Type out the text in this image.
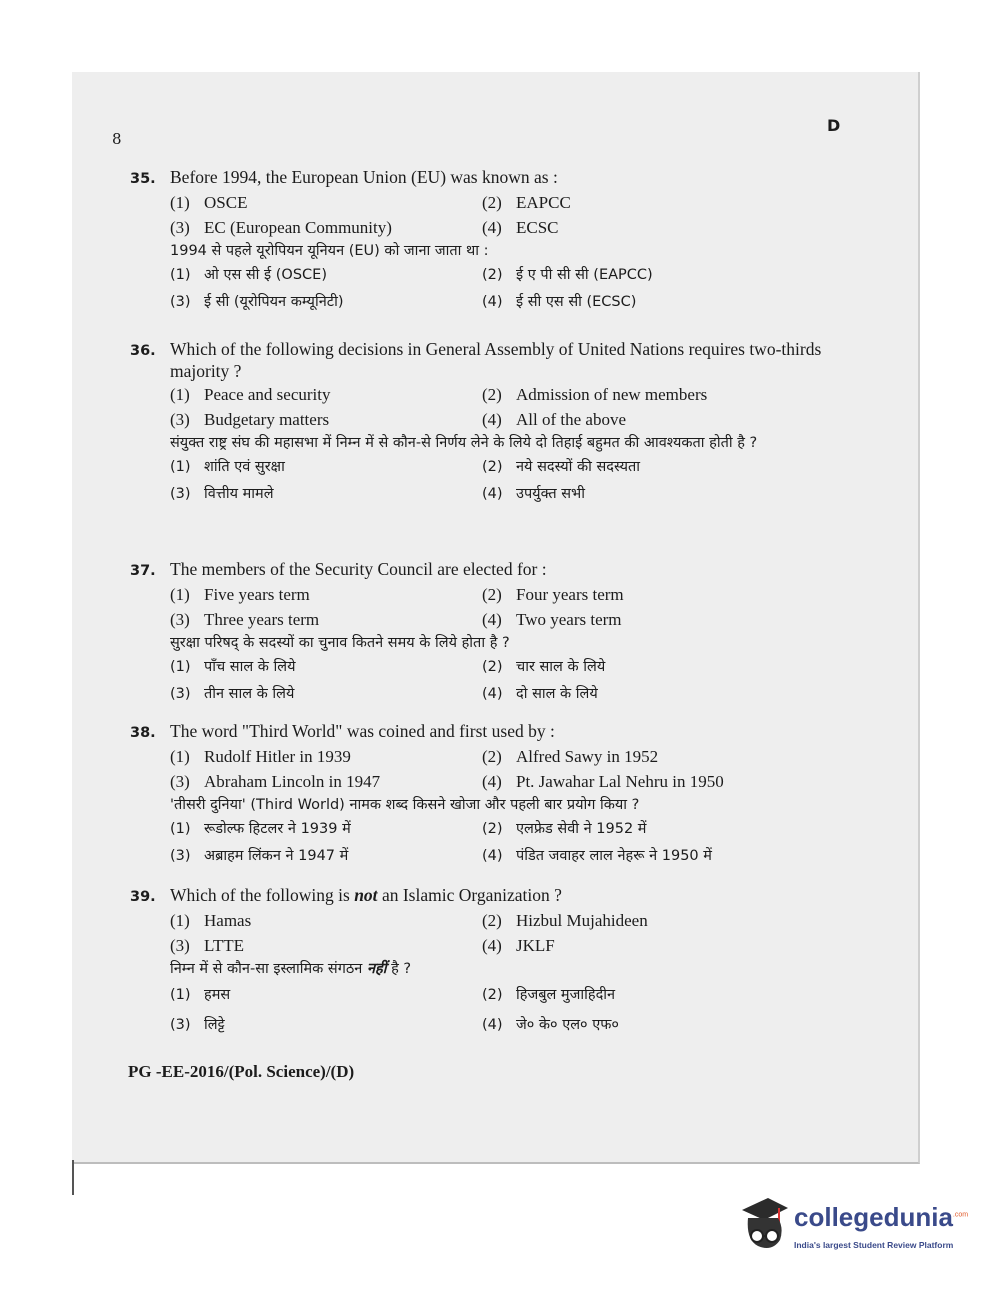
8
D
35. Before 1994, the European Union (EU) was known as :
(1) OSCE	(2) EAPCC
(3) EC (European Community)	(4) ECSC
1994 से पहले यूरोपियन यूनियन (EU) को जाना जाता था :
(1) ओ एस सी ई (OSCE)	(2) ई ए पी सी सी (EAPCC)
(3) ई सी (यूरोपियन कम्यूनिटी)	(4) ई सी एस सी (ECSC)
36. Which of the following decisions in General Assembly of United Nations requires two-thirds majority ?
(1) Peace and security	(2) Admission of new members
(3) Budgetary matters	(4) All of the above
संयुक्त राष्ट्र संघ की महासभा में निम्न में से कौन-से निर्णय लेने के लिये दो तिहाई बहुमत की आवश्यकता होती है ?
(1) शांति एवं सुरक्षा	(2) नये सदस्यों की सदस्यता
(3) वित्तीय मामले	(4) उपर्युक्त सभी
37. The members of the Security Council are elected for :
(1) Five years term	(2) Four years term
(3) Three years term	(4) Two years term
सुरक्षा परिषद् के सदस्यों का चुनाव कितने समय के लिये होता है ?
(1) पाँच साल के लिये	(2) चार साल के लिये
(3) तीन साल के लिये	(4) दो साल के लिये
38. The word "Third World" was coined and first used by :
(1) Rudolf Hitler in 1939	(2) Alfred Sawy in 1952
(3) Abraham Lincoln in 1947	(4) Pt. Jawahar Lal Nehru in 1950
'तीसरी दुनिया' (Third World) नामक शब्द किसने खोजा और पहली बार प्रयोग किया ?
(1) रूडोल्फ हिटलर ने 1939 में	(2) एलफ्रेड सेवी ने 1952 में
(3) अब्राहम लिंकन ने 1947 में	(4) पंडित जवाहर लाल नेहरू ने 1950 में
39. Which of the following is not an Islamic Organization ?
(1) Hamas	(2) Hizbul Mujahideen
(3) LTTE	(4) JKLF
निम्न में से कौन-सा इस्लामिक संगठन नहीं है ?
(1) हमस	(2) हिजबुल मुजाहिदीन
(3) लिट्टे	(4) जे० के० एल० एफ०
PG -EE-2016/(Pol. Science)/(D)
collegedunia$^{.com}$
India's largest Student Review Platform
